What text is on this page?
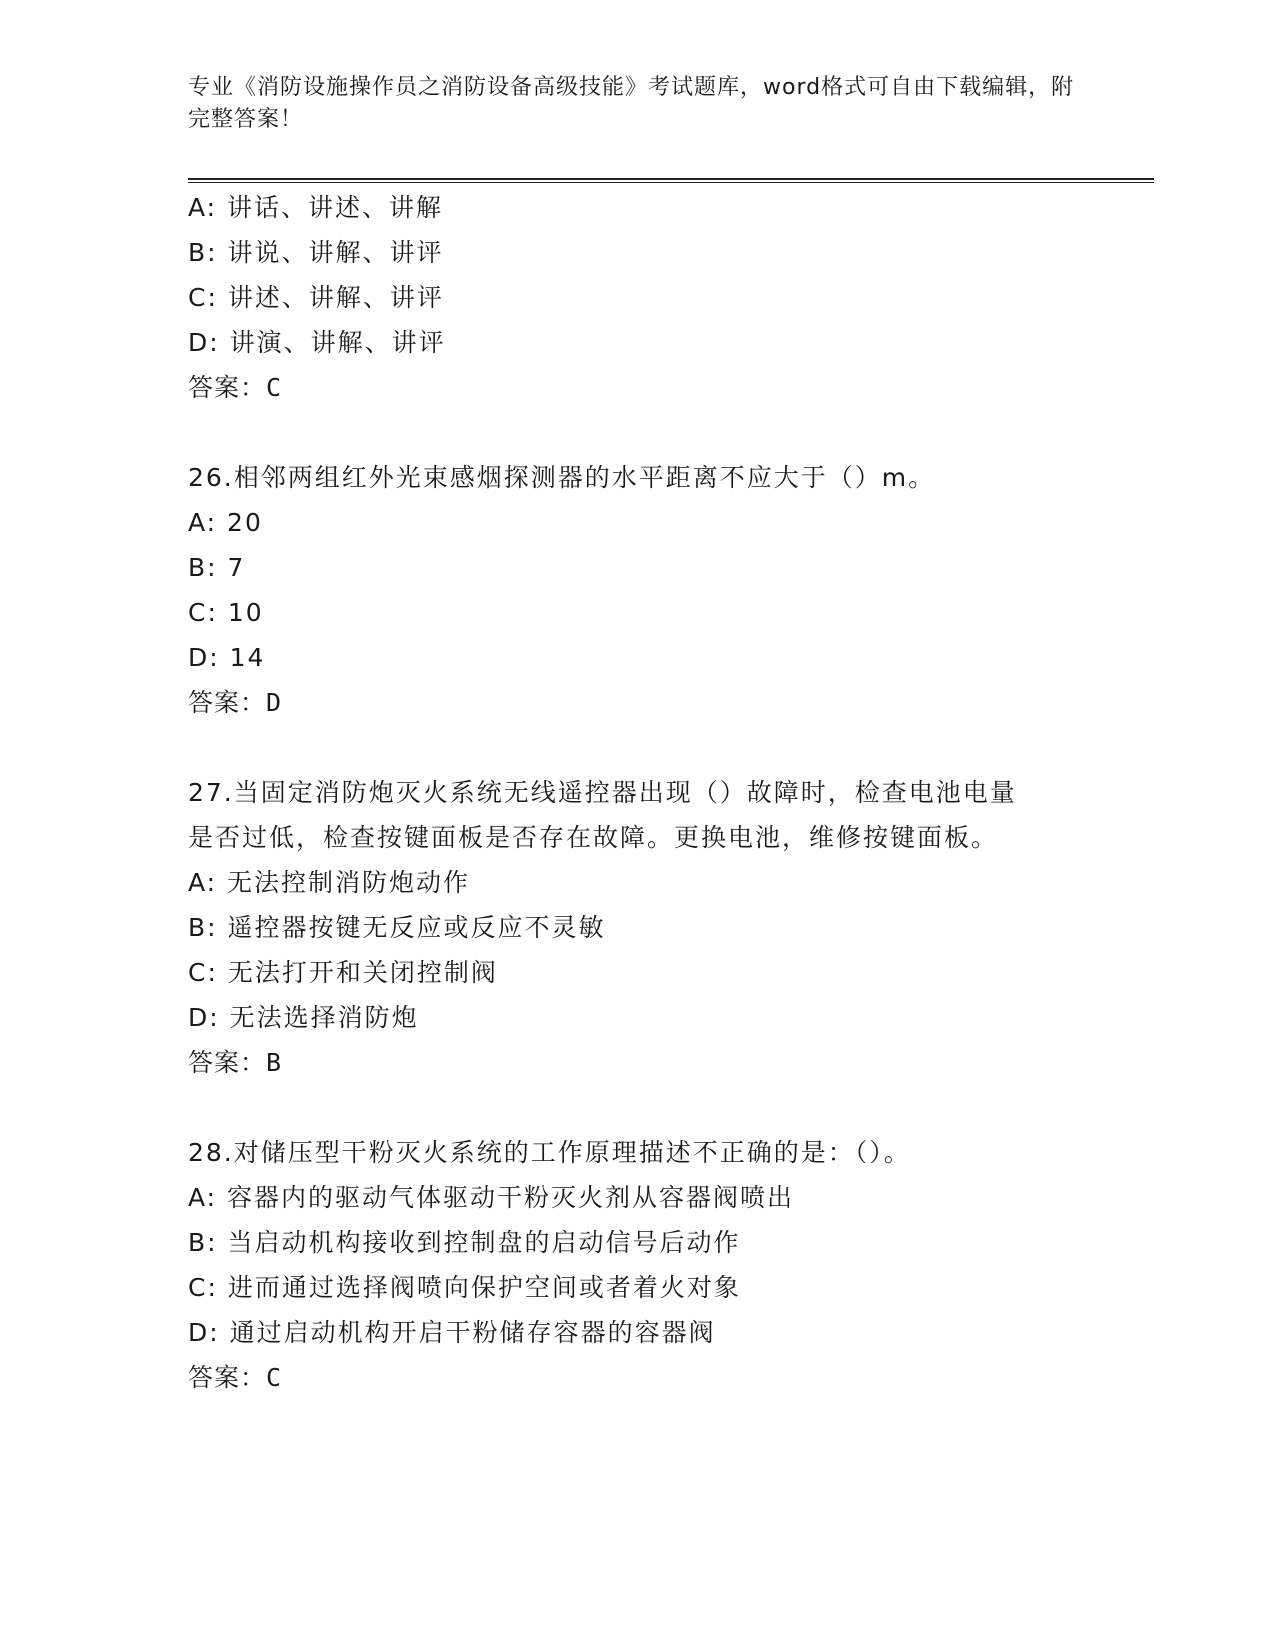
专业《消防设施操作员之消防设备高级技能》考试题库，word格式可自由下载编辑，附完整答案！
A: 讲话、讲述、讲解
B: 讲说、讲解、讲评
C: 讲述、讲解、讲评
D: 讲演、讲解、讲评
答案：C
26.相邻两组红外光束感烟探测器的水平距离不应大于（）m。
A: 20
B: 7
C: 10
D: 14
答案：D
27.当固定消防炮灭火系统无线遥控器出现（）故障时，检查电池电量
是否过低，检查按键面板是否存在故障。更换电池，维修按键面板。
A: 无法控制消防炮动作
B: 遥控器按键无反应或反应不灵敏
C: 无法打开和关闭控制阀
D: 无法选择消防炮
答案：B
28.对储压型干粉灭火系统的工作原理描述不正确的是：（）。
A: 容器内的驱动气体驱动干粉灭火剂从容器阀喷出
B: 当启动机构接收到控制盘的启动信号后动作
C: 进而通过选择阀喷向保护空间或者着火对象
D: 通过启动机构开启干粉储存容器的容器阀
答案：C
